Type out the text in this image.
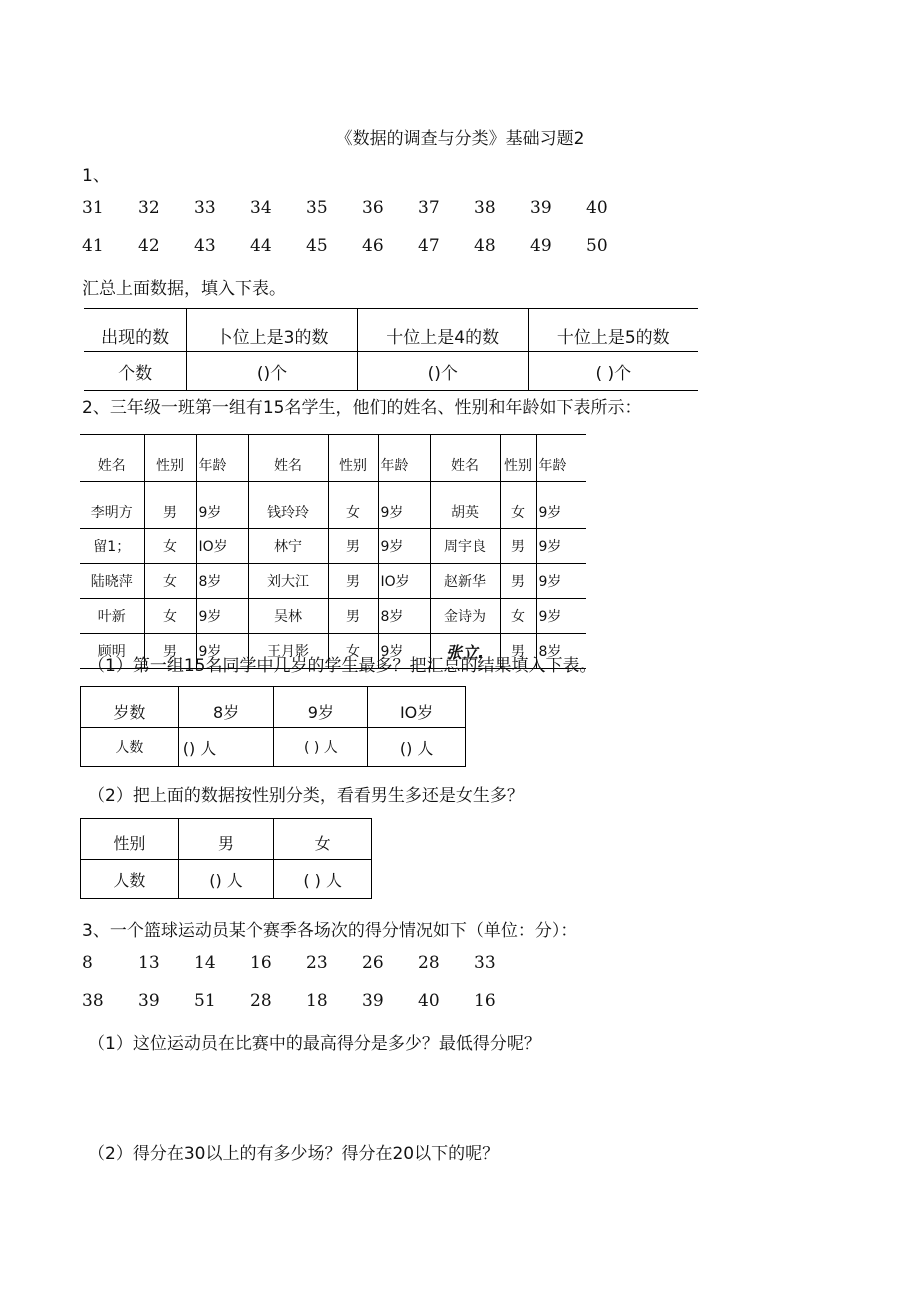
《数据的调查与分类》基础习题2
1、
31	32	33	34	35	36	37	38	39	40
41	42	43	44	45	46	47	48	49	50
汇总上面数据，填入下表。
出现的数	卜位上是3的数	十位上是4的数	十位上是5的数
个数	()个	()个	( )个
2、三年级一班第一组有15名学生，他们的姓名、性别和年龄如下表所示：
姓名	性别	年龄	姓名	性别	年龄	姓名	性别	年龄
李明方	男	9岁	钱玲玲	女	9岁	胡英	女	9岁
留1；	女	IO岁	林宁	男	9岁	周宇良	男	9岁
陆晓萍	女	8岁	刘大江	男	IO岁	赵新华	男	9岁
叶新	女	9岁	吴林	男	8岁	金诗为	女	9岁
顾明	男	9岁	王月影	女	9岁	张立.	男	8岁
（1）第一组15名同学中几岁的学生最多？把汇总的结果填入下表。
岁数	8岁	9岁	IO岁
人数	() 人	( ) 人	() 人
（2）把上面的数据按性别分类，看看男生多还是女生多？
性别	男	女
人数	() 人	( ) 人
3、一个篮球运动员某个赛季各场次的得分情况如下（单位：分）：
8	13	14	16	23	26	28	33
38	39	51	28	18	39	40	16
（1）这位运动员在比赛中的最高得分是多少？最低得分呢？
（2）得分在30以上的有多少场？得分在20以下的呢？
